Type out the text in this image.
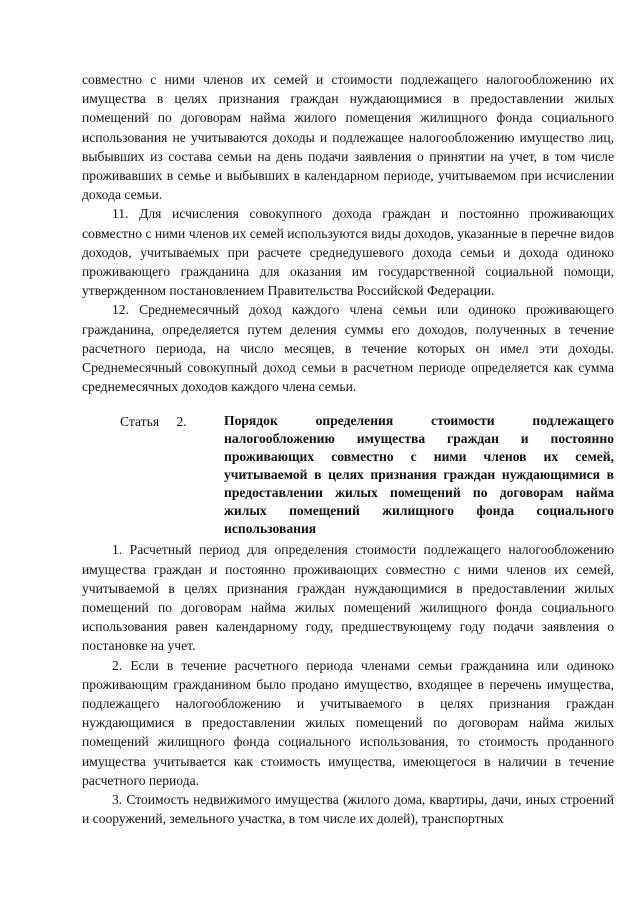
совместно с ними членов их семей и стоимости подлежащего налогообложению их имущества в целях признания граждан нуждающимися в предоставлении жилых помещений по договорам найма жилого помещения жилищного фонда социального использования не учитываются доходы и подлежащее налогообложению имущество лиц, выбывших из состава семьи на день подачи заявления о принятии на учет, в том числе проживавших в семье и выбывших в календарном периоде, учитываемом при исчислении дохода семьи.

11. Для исчисления совокупного дохода граждан и постоянно проживающих совместно с ними членов их семей используются виды доходов, указанные в перечне видов доходов, учитываемых при расчете среднедушевого дохода семьи и дохода одиноко проживающего гражданина для оказания им государственной социальной помощи, утвержденном постановлением Правительства Российской Федерации.

12. Среднемесячный доход каждого члена семьи или одиноко проживающего гражданина, определяется путем деления суммы его доходов, полученных в течение расчетного периода, на число месяцев, в течение которых он имел эти доходы. Среднемесячный совокупный доход семьи в расчетном периоде определяется как сумма среднемесячных доходов каждого члена семьи.

Статья 2.	Порядок определения стоимости подлежащего налогообложению имущества граждан и постоянно проживающих совместно с ними членов их семей, учитываемой в целях признания граждан нуждающимися в предоставлении жилых помещений по договорам найма жилых помещений жилищного фонда социального использования

1. Расчетный период для определения стоимости подлежащего налогообложению имущества граждан и постоянно проживающих совместно с ними членов их семей, учитываемой в целях признания граждан нуждающимися в предоставлении жилых помещений по договорам найма жилых помещений жилищного фонда социального использования равен календарному году, предшествующему году подачи заявления о постановке на учет.

2. Если в течение расчетного периода членами семьи гражданина или одиноко проживающим гражданином было продано имущество, входящее в перечень имущества, подлежащего налогообложению и учитываемого в целях признания граждан нуждающимися в предоставлении жилых помещений по договорам найма жилых помещений жилищного фонда социального использования, то стоимость проданного имущества учитывается как стоимость имущества, имеющегося в наличии в течение расчетного периода.

3. Стоимость недвижимого имущества (жилого дома, квартиры, дачи, иных строений и сооружений, земельного участка, в том числе их долей), транспортных
